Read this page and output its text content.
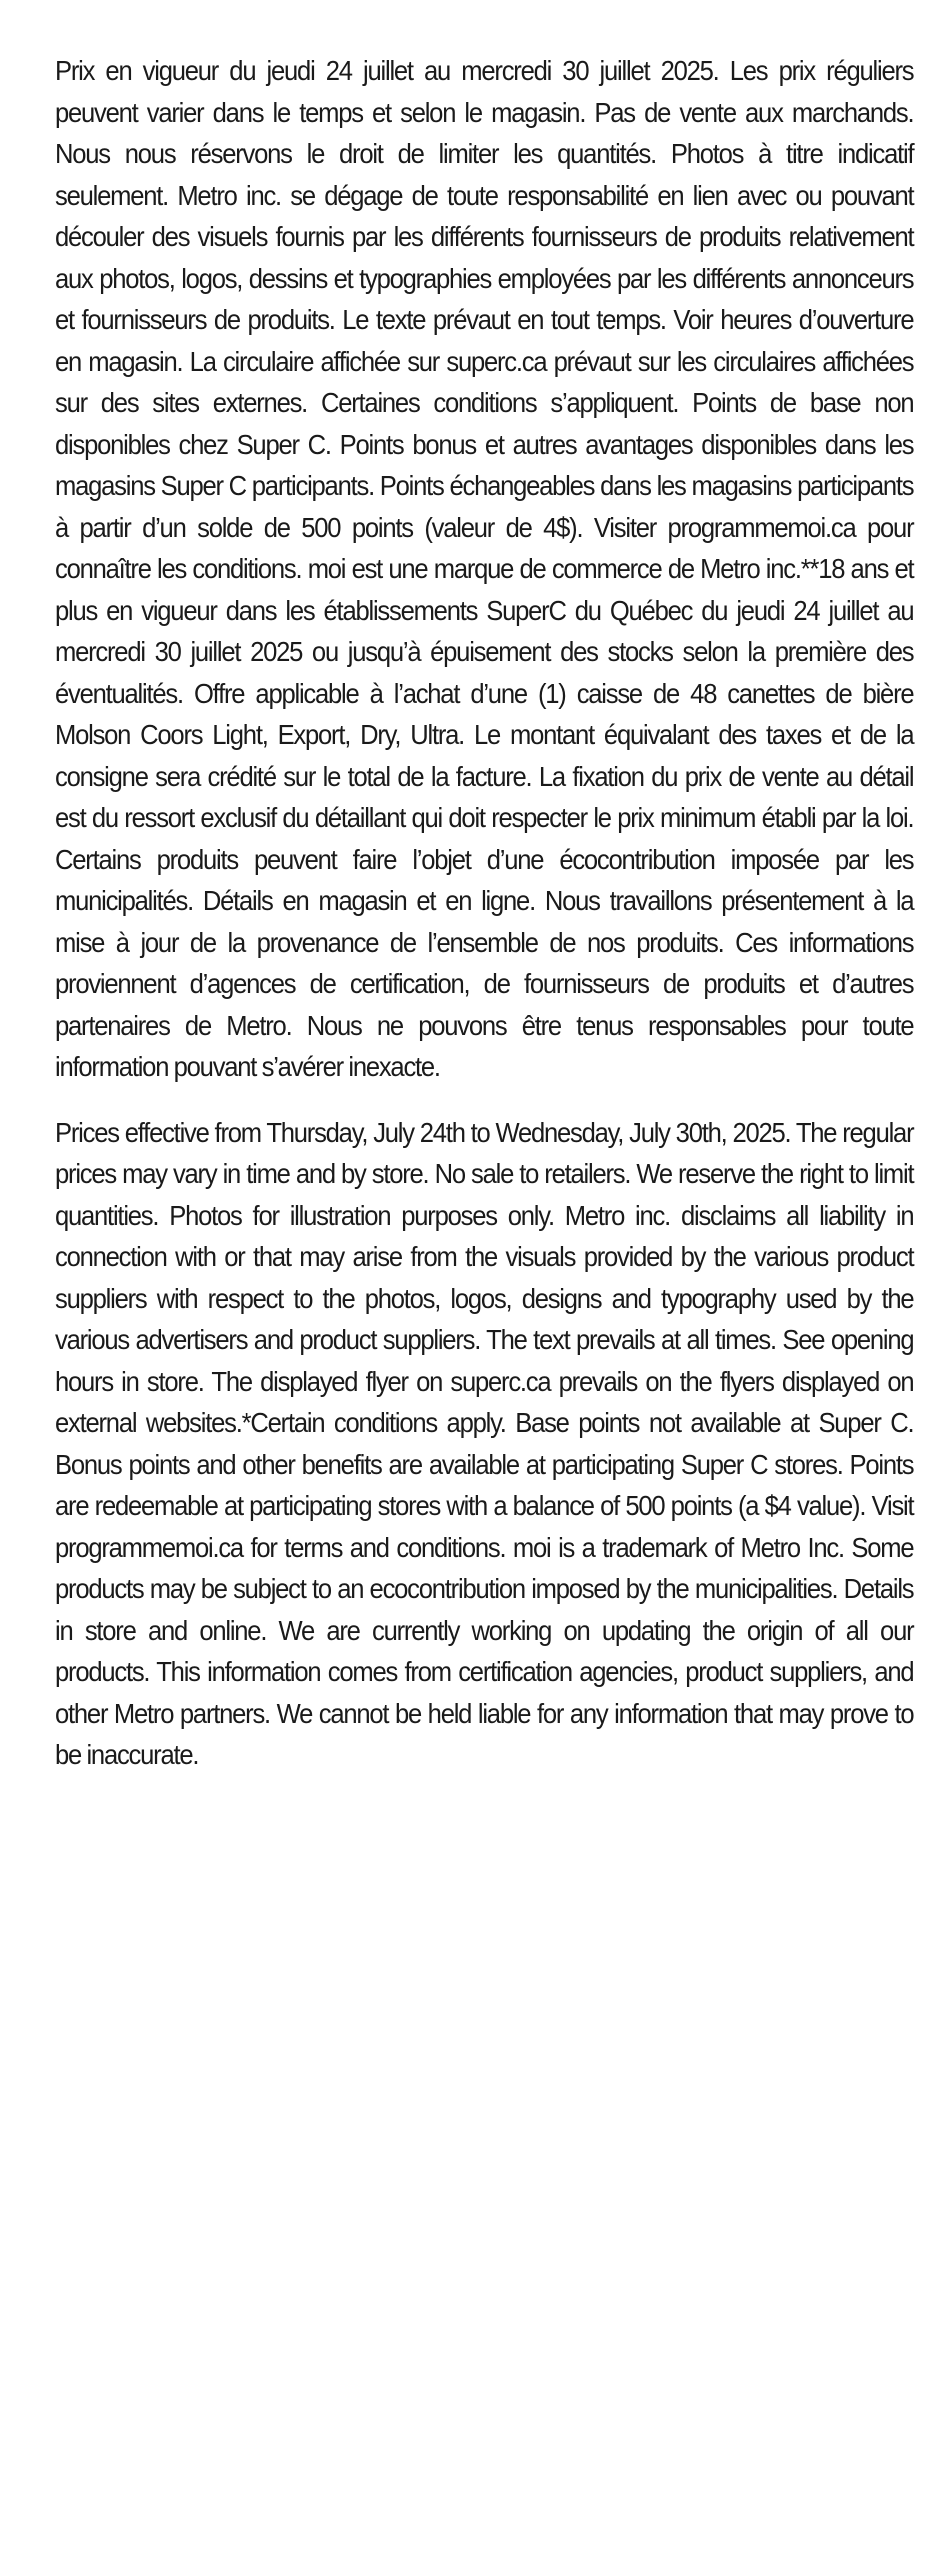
Prix en vigueur du jeudi 24 juillet au mercredi 30 juillet 2025. Les prix réguliers peuvent varier dans le temps et selon le magasin. Pas de vente aux marchands. Nous nous réservons le droit de limiter les quantités. Photos à titre indicatif seulement. Metro inc. se dégage de toute responsabilité en lien avec ou pouvant découler des visuels fournis par les différents fournisseurs de produits relativement aux photos, logos, dessins et typographies employées par les différents annonceurs et fournisseurs de produits. Le texte prévaut en tout temps. Voir heures d’ouverture en magasin. La circulaire affichée sur superc.ca prévaut sur les circulaires affichées sur des sites externes. Certaines conditions s’appliquent. Points de base non disponibles chez Super C. Points bonus et autres avantages disponibles dans les magasins Super C participants. Points échangeables dans les magasins participants à partir d’un solde de 500 points (valeur de 4$). Visiter programmemoi.ca pour connaître les conditions. moi est une marque de commerce de Metro inc.**18 ans et plus en vigueur dans les établissements SuperC du Québec du jeudi 24 juillet au mercredi 30 juillet 2025 ou jusqu’à épuisement des stocks selon la première des éventualités. Offre applicable à l’achat d’une (1) caisse de 48 canettes de bière Molson Coors Light, Export, Dry, Ultra. Le montant équivalant des taxes et de la consigne sera crédité sur le total de la facture. La fixation du prix de vente au détail est du ressort exclusif du détaillant qui doit respecter le prix minimum établi par la loi. Certains produits peuvent faire l’objet d’une écocontribution imposée par les municipalités. Détails en magasin et en ligne. Nous travaillons présentement à la mise à jour de la provenance de l’ensemble de nos produits. Ces informations proviennent d’agences de certification, de fournisseurs de produits et d’autres partenaires de Metro. Nous ne pouvons être tenus responsables pour toute information pouvant s’avérer inexacte.

Prices effective from Thursday, July 24th to Wednesday, July 30th, 2025. The regular prices may vary in time and by store. No sale to retailers. We reserve the right to limit quantities. Photos for illustration purposes only. Metro inc. disclaims all liability in connection with or that may arise from the visuals provided by the various product suppliers with respect to the photos, logos, designs and typography used by the various advertisers and product suppliers. The text prevails at all times. See opening hours in store. The displayed flyer on superc.ca prevails on the flyers displayed on external websites.*Certain conditions apply. Base points not available at Super C. Bonus points and other benefits are available at participating Super C stores. Points are redeemable at participating stores with a balance of 500 points (a $4 value). Visit programmemoi.ca for terms and conditions. moi is a trademark of Metro Inc. Some products may be subject to an ecocontribution imposed by the municipalities. Details in store and online. We are currently working on updating the origin of all our products. This information comes from certification agencies, product suppliers, and other Metro partners. We cannot be held liable for any information that may prove to be inaccurate.
